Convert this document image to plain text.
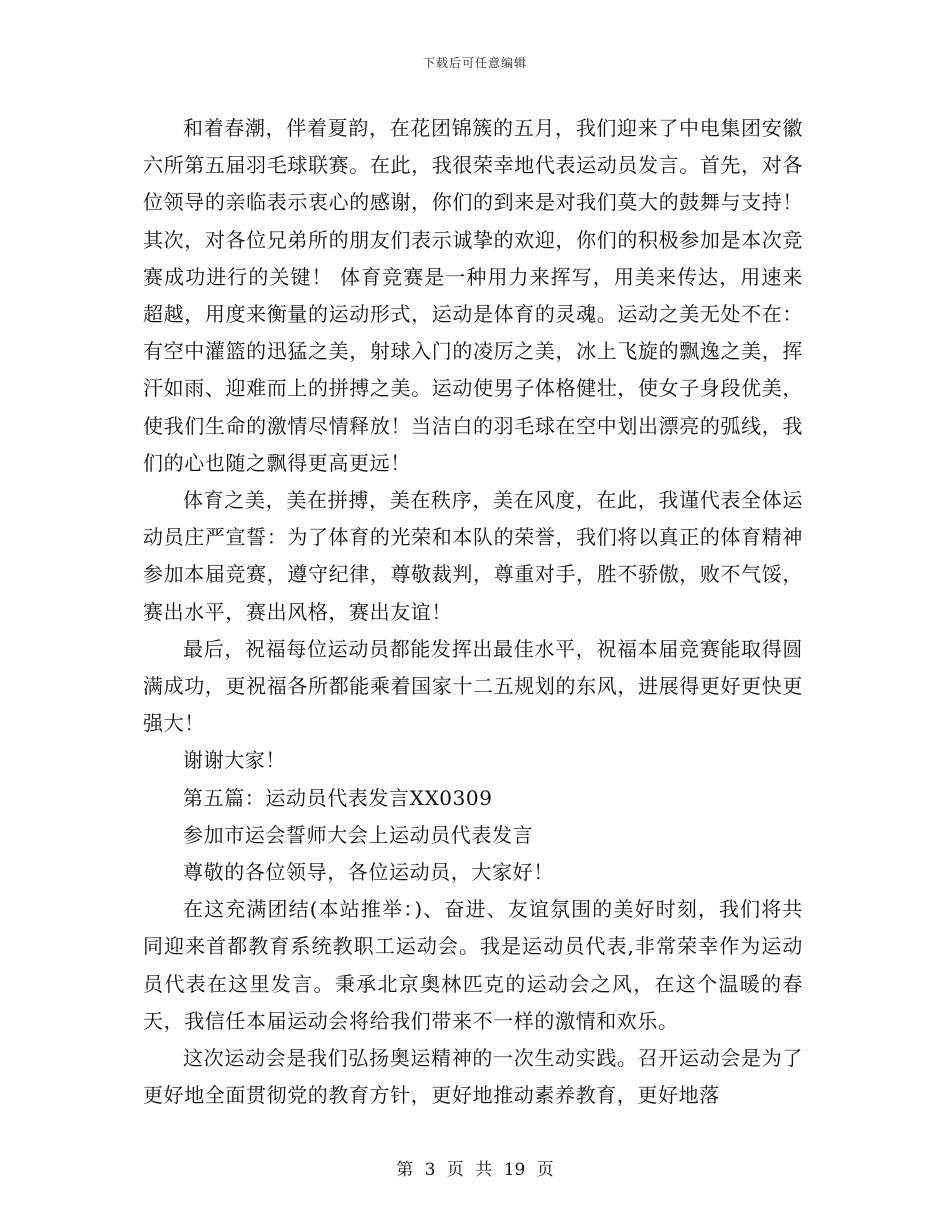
下载后可任意编辑

和着春潮，伴着夏韵，在花团锦簇的五月，我们迎来了中电集团安徽六所第五届羽毛球联赛。在此，我很荣幸地代表运动员发言。首先，对各位领导的亲临表示衷心的感谢，你们的到来是对我们莫大的鼓舞与支持！其次，对各位兄弟所的朋友们表示诚挚的欢迎，你们的积极参加是本次竞赛成功进行的关键！ 体育竞赛是一种用力来挥写，用美来传达，用速来超越，用度来衡量的运动形式，运动是体育的灵魂。运动之美无处不在：有空中灌篮的迅猛之美，射球入门的凌厉之美，冰上飞旋的飘逸之美，挥汗如雨、迎难而上的拼搏之美。运动使男子体格健壮，使女子身段优美，使我们生命的激情尽情释放！当洁白的羽毛球在空中划出漂亮的弧线，我们的心也随之飘得更高更远！

体育之美，美在拼搏，美在秩序，美在风度，在此，我谨代表全体运动员庄严宣誓：为了体育的光荣和本队的荣誉，我们将以真正的体育精神参加本届竞赛，遵守纪律，尊敬裁判，尊重对手，胜不骄傲，败不气馁，赛出水平，赛出风格，赛出友谊！

最后，祝福每位运动员都能发挥出最佳水平，祝福本届竞赛能取得圆满成功，更祝福各所都能乘着国家十二五规划的东风，进展得更好更快更强大！

谢谢大家！

第五篇：运动员代表发言XX0309

参加市运会誓师大会上运动员代表发言

尊敬的各位领导，各位运动员，大家好！

在这充满团结(本站推举：)、奋进、友谊氛围的美好时刻，我们将共同迎来首都教育系统教职工运动会。我是运动员代表,非常荣幸作为运动员代表在这里发言。秉承北京奥林匹克的运动会之风，在这个温暖的春天，我信任本届运动会将给我们带来不一样的激情和欢乐。

这次运动会是我们弘扬奥运精神的一次生动实践。召开运动会是为了更好地全面贯彻党的教育方针，更好地推动素养教育，更好地落

第 3 页 共 19 页
